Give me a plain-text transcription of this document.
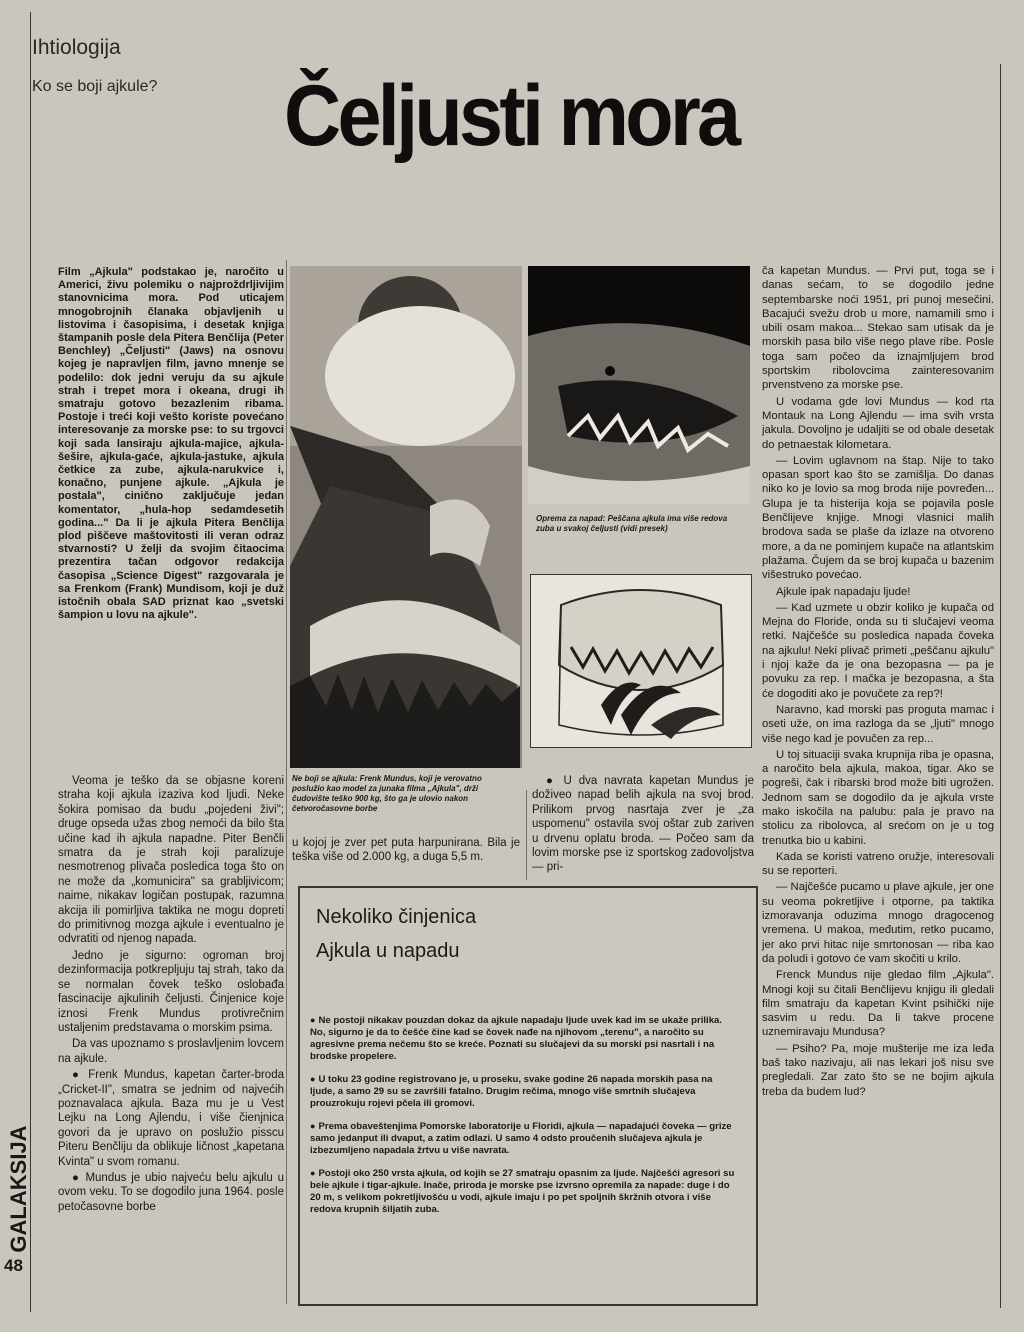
Ihtiologija
Ko se boji ajkule? Čeljusti mora

Film „Ajkula" podstakao je, naročito u Americi, živu polemiku o najproždrljivijim stanovnicima mora. Pod uticajem mnogobrojnih članaka objavljenih u listovima i časopisima, i desetak knjiga štampanih posle dela Pitera Benčlija (Peter Benchley) „Čeljusti" (Jaws) na osnovu kojeg je napravljen film, javno mnenje se podelilo: dok jedni veruju da su ajkule strah i trepet mora i okeana, drugi ih smatraju gotovo bezazlenim ribama. Postoje i treći koji vešto koriste povećano interesovanje za morske pse: to su trgovci koji sada lansiraju ajkula-majice, ajkula-šešire, ajkula-gaće, ajkula-jastuke, ajkula četkice za zube, ajkula-narukvice i, konačno, punjene ajkule. „Ajkula je postala", cinično zaključuje jedan komentator, „hula-hop sedamdesetih godina..." Da li je ajkula Pitera Benčlija plod piščeve maštovitosti ili veran odraz stvarnosti? U želji da svojim čitaocima prezentira tačan odgovor redakcija časopisa „Science Digest" razgovarala je sa Frenkom (Frank) Mundisom, koji je duž istočnih obala SAD priznat kao „svetski šampion u lovu na ajkule".

Oprema za napad: Peščana ajkula ima više redova zuba u svakoj čeljusti (vidi presek)
Ne boji se ajkula: Frenk Mundus, koji je verovatno poslužio kao model za junaka filma „Ajkula", drži čudovište teško 900 kg, što ga je ulovio nakon četvoročasovne borbe

Veoma je teško da se objasne koreni straha koji ajkula izaziva kod ljudi. Neke šokira pomisao da budu „pojedeni živi"; druge opseda užas zbog nemoći da bilo šta učine kad ih ajkula napadne. Piter Benčli smatra da je strah koji paralizuje nesmotrenog plivača posledica toga što on ne može da „komunicira" sa grabljivicom; naime, nikakav logičan postupak, razumna akcija ili pomirljiva taktika ne mogu dopreti do primitivnog mozga ajkule i eventualno je odvratiti od njenog napada.

Jedno je sigurno: ogroman broj dezinformacija potkrepljuju taj strah, tako da se normalan čovek teško oslobađa fascinacije ajkulinih čeljusti. Činjenice koje iznosi Frenk Mundus protivrečnim ustaljenim predstavama o morskim psima.

Da vas upoznamo s proslavljenim lovcem na ajkule.

● Frenk Mundus, kapetan čarter-broda „Cricket-II", smatra se jednim od najvećih poznavalaca ajkula. Baza mu je u Vest Lejku na Long Ajlendu, i više čienjnica govori da je upravo on poslužio pisscu Piteru Benčliju da oblikuje ličnost „kapetana Kvinta" u svom romanu.

● Mundus je ubio najveću belu ajkulu u ovom veku. To se dogodilo juna 1964. posle petočasovne borbe

u kojoj je zver pet puta harpunirana. Bila je teška više od 2.000 kg, a duga 5,5 m.

● U dva navrata kapetan Mundus je doživeo napad belih ajkula na svoj brod. Prilikom prvog nasrtaja zver je „za uspomenu" ostavila svoj oštar zub zariven u drvenu oplatu broda. — Počeo sam da lovim morske pse iz sportskog zadovoljstva — pri-

ča kapetan Mundus. — Prvi put, toga se i danas sećam, to se dogodilo jedne septembarske noći 1951, pri punoj mesečini. Bacajući svežu drob u more, namamili smo i ubili osam makoa... Stekao sam utisak da je morskih pasa bilo više nego plave ribe. Posle toga sam počeo da iznajmljujem brod sportskim ribolovcima zainteresovanim prvenstveno za morske pse.

U vodama gde lovi Mundus — kod rta Montauk na Long Ajlendu — ima svih vrsta jakula. Dovoljno je udaljiti se od obale desetak do petnaestak kilometara.

— Lovim uglavnom na štap. Nije to tako opasan sport kao što se zamišlja. Do danas niko ko je lovio sa mog broda nije povređen... Glupa je ta histerija koja se pojavila posle Benčlijeve knjige. Mnogi vlasnici malih brodova sada se plaše da izlaze na otvoreno more, a da ne pominjem kupače na atlantskim plažama. Čujem da se broj kupača u bazenim višestruko povećao.

Ajkule ipak napadaju ljude!

— Kad uzmete u obzir koliko je kupača od Mejna do Floride, onda su ti slučajevi veoma retki. Najčešće su posledica napada čoveka na ajkulu! Neki plivač primeti „peščanu ajkulu" i njoj kaže da je ona bezopasna — pa je povuku za rep. I mačka je bezopasna, a šta će dogoditi ako je povučete za rep?!

Naravno, kad morski pas proguta mamac i oseti uže, on ima razloga da se „ljuti" mnogo više nego kad je povučen za rep...

U toj situaciji svaka krupnija riba je opasna, a naročito bela ajkula, makoa, tigar. Ako se pogreši, čak i ribarski brod može biti ugrožen. Jednom sam se dogodilo da je ajkula vrste mako iskočila na palubu: pala je pravo na stolicu za ribolovca, al srećom on je u tog trenutka bio u kabini.

Kada se koristi vatreno oružje, interesovali su se reporteri.

— Najčešće pucamo u plave ajkule, jer one su veoma pokretljive i otporne, pa taktika izmoravanja oduzima mnogo dragocenog vremena. U makoa, međutim, retko pucamo, jer ako prvi hitac nije smrtonosan — riba kao da poludi i gotovo će vam skočiti u krilo.

Frenck Mundus nije gledao film „Ajkula". Mnogi koji su čitali Benčlijevu knjigu ili gledali film smatraju da kapetan Kvint psihički nije sasvim u redu. Da li takve procene uznemiravaju Mundusa?

— Psiho? Pa, moje mušterije me iza leđa baš tako nazivaju, ali nas lekari još nisu sve pregledali. Zar zato što se ne bojim ajkula treba da budem lud?

Nekoliko činjenica
Ajkula u napadu

● Ne postoji nikakav pouzdan dokaz da ajkule napadaju ljude uvek kad im se ukaže prilika. No, sigurno je da to češće čine kad se čovek nađe na njihovom „terenu", a naročito su agresivne prema nečemu što se kreće. Poznati su slučajevi da su morski psi nasrtali i na brodske propelere.

● U toku 23 godine registrovano je, u proseku, svake godine 26 napada morskih pasa na ljude, a samo 29 su se završili fatalno. Drugim rečima, mnogo više smrtnih slučajeva prouzrokuju rojevi pčela ili gromovi.

● Prema obaveštenjima Pomorske laboratorije u Floridi, ajkula — napadajući čoveka — grize samo jedanput ili dvaput, a zatim odlazi. U samo 4 odsto proučenih slučajeva ajkula je izbezumljeno napadala žrtvu u više navrata.

● Postoji oko 250 vrsta ajkula, od kojih se 27 smatraju opasnim za ljude. Najčešći agresori su bele ajkule i tigar-ajkule. Inače, priroda je morske pse izvrsno opremila za napade: duge i do 20 m, s velikom pokretljivošću u vodi, ajkule imaju i po pet spoljnih škržnih otvora i više redova krupnih šiljatih zuba.

GALAKSIJA
48
